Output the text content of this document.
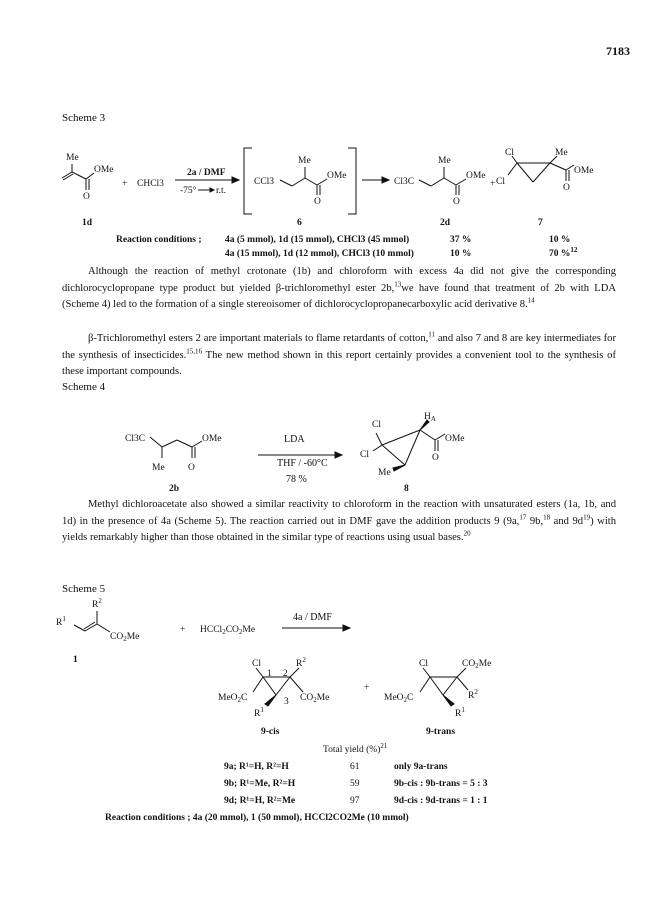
7183
Scheme 3
Me
OMe
O
+ CHCl3
2a / DMF
-75° r.t.
CCl3
Me
OMe
O
Cl3C
Me
OMe
O
+
Cl
Cl
Me
OMe
O
1d	6	2d	7
Reaction conditions ; 4a (5 mmol), 1d (15 mmol), CHCl3 (45 mmol)	37 %	10 %
4a (15 mmol), 1d (12 mmol), CHCl3 (10 mmol)	10 %	70 %$^{12}$
Although the reaction of methyl crotonate (1b) and chloroform with excess 4a did not give the corresponding dichlorocyclopropane type product but yielded β-trichloromethyl ester 2b,$^{13}$we have found that treatment of 2b with LDA (Scheme 4) led to the formation of a single stereoisomer of dichlorocyclopropanecarboxylic acid derivative 8.14
β-Trichloromethyl esters 2 are important materials to flame retardants of cotton,$^{11}$ and also 7 and 8 are key intermediates for the synthesis of insecticides.$^{15,16}$ The new method shown in this report certainly provides a convenient tool to the synthesis of these important compounds.
Scheme 4
Cl3C	OMe
Me O
2b
Cl
Cl
$H_A$
OMe
Me
O
8
LDA
THF / -60°C
78 %
Methyl dichloroacetate also showed a similar reactivity to chloroform in the reaction with unsaturated esters (1a, 1b, and 1d) in the presence of 4a (Scheme 5). The reaction carried out in DMF gave the addition products 9 (9a,$^{17}$ 9b,$^{18}$ and $9d^{19}$) with yields remarkably higher than those obtained in the similar type of reactions using usual bases.$^{20}$
Scheme 5
$R^2$
$R^1$
$CO_2Me$
1
+ $HCCl_2CO_2Me$
Cl
MeO$_2$C
$R^2$
$CO_2Me$
$R^1$
1 2
3
9-cis
+
Cl
MeO$_2$C
$CO_2Me$
$R^2$
$R^1$
9-trans
4a / DMF
Total yield (%)$^{21}$
9a; R¹=H, R²=H	61	only 9a-trans
9b; R¹=Me, R²=H	59	9b-cis : 9b-trans = 5 : 3
9d; R¹=H, R²=Me	97	9d-cis : 9d-trans = 1 : 1
Reaction conditions ; 4a (20 mmol), 1 (50 mmol), HCCl2CO2Me (10 mmol)
